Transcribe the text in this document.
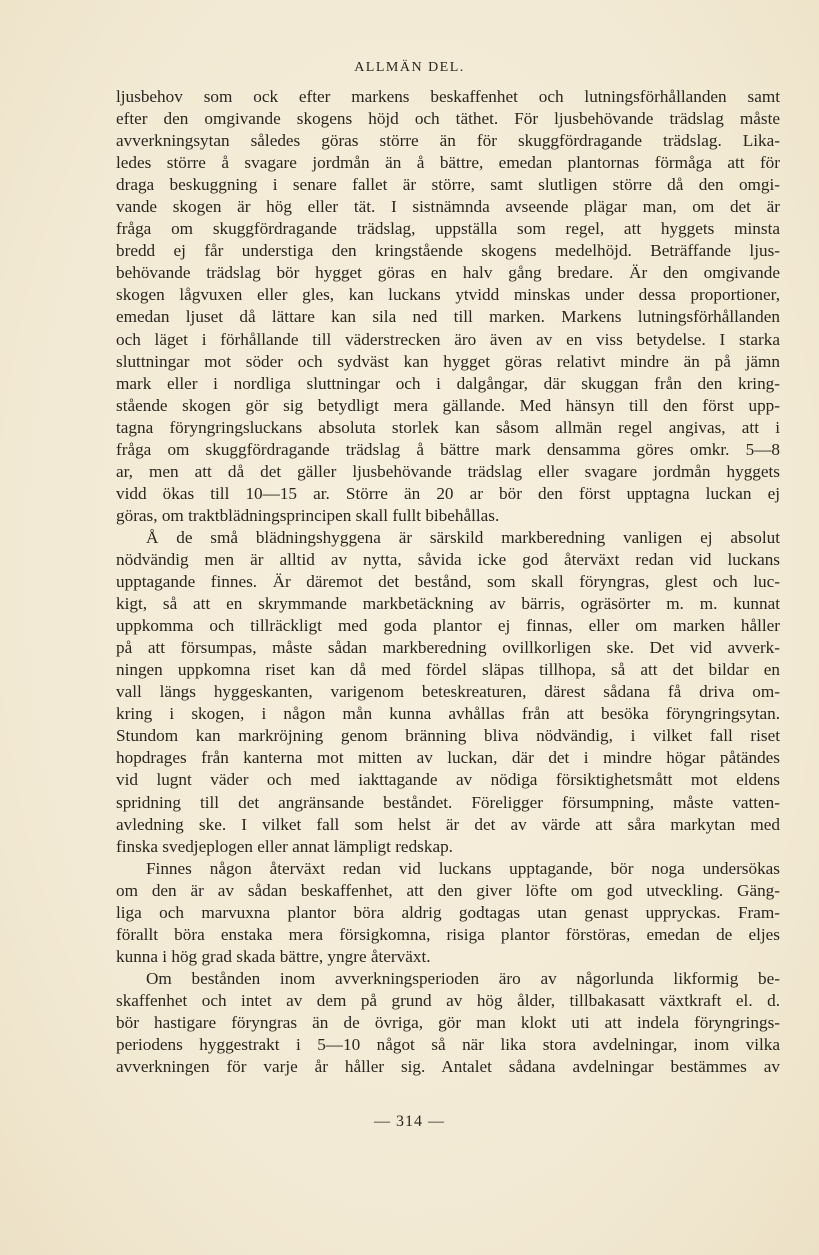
ALLMÄN DEL.
ljusbehov som ock efter markens beskaffenhet och lutningsförhållanden samt
efter den omgivande skogens höjd och täthet. För ljusbehövande trädslag måste
avverkningsytan således göras större än för skuggfördragande trädslag. Lika-
ledes större å svagare jordmån än å bättre, emedan plantornas förmåga att för
draga beskuggning i senare fallet är större, samt slutligen större då den omgi-
vande skogen är hög eller tät. I sistnämnda avseende plägar man, om det är
fråga om skuggfördragande trädslag, uppställa som regel, att hyggets minsta
bredd ej får understiga den kringstående skogens medelhöjd. Beträffande ljus-
behövande trädslag bör hygget göras en halv gång bredare. Är den omgivande
skogen lågvuxen eller gles, kan luckans ytvidd minskas under dessa proportioner,
emedan ljuset då lättare kan sila ned till marken. Markens lutningsförhållanden
och läget i förhållande till väderstrecken äro även av en viss betydelse. I starka
sluttningar mot söder och sydväst kan hygget göras relativt mindre än på jämn
mark eller i nordliga sluttningar och i dalgångar, där skuggan från den kring-
stående skogen gör sig betydligt mera gällande. Med hänsyn till den först upp-
tagna föryngringsluckans absoluta storlek kan såsom allmän regel angivas, att i
fråga om skuggfördragande trädslag å bättre mark densamma göres omkr. 5—8
ar, men att då det gäller ljusbehövande trädslag eller svagare jordmån hyggets
vidd ökas till 10—15 ar. Större än 20 ar bör den först upptagna luckan ej
göras, om traktblädningsprincipen skall fullt bibehållas.
Å de små blädningshyggena är särskild markberedning vanligen ej absolut
nödvändig men är alltid av nytta, såvida icke god återväxt redan vid luckans
upptagande finnes. Är däremot det bestånd, som skall föryngras, glest och luc-
kigt, så att en skrymmande markbetäckning av bärris, ogräsörter m. m. kunnat
uppkomma och tillräckligt med goda plantor ej finnas, eller om marken håller
på att försumpas, måste sådan markberedning ovillkorligen ske. Det vid avverk-
ningen uppkomna riset kan då med fördel släpas tillhopa, så att det bildar en
vall längs hyggeskanten, varigenom beteskreaturen, därest sådana få driva om-
kring i skogen, i någon mån kunna avhållas från att besöka föryngringsytan.
Stundom kan markröjning genom bränning bliva nödvändig, i vilket fall riset
hopdrages från kanterna mot mitten av luckan, där det i mindre högar påtändes
vid lugnt väder och med iakttagande av nödiga försiktighetsmått mot eldens
spridning till det angränsande beståndet. Föreligger försumpning, måste vatten-
avledning ske. I vilket fall som helst är det av värde att såra markytan med
finska svedjeplogen eller annat lämpligt redskap.
Finnes någon återväxt redan vid luckans upptagande, bör noga undersökas
om den är av sådan beskaffenhet, att den giver löfte om god utveckling. Gäng-
liga och marvuxna plantor böra aldrig godtagas utan genast uppryckas. Fram-
förallt böra enstaka mera försigkomna, risiga plantor förstöras, emedan de eljes
kunna i hög grad skada bättre, yngre återväxt.
Om bestånden inom avverkningsperioden äro av någorlunda likformig be-
skaffenhet och intet av dem på grund av hög ålder, tillbakasatt växtkraft el. d.
bör hastigare föryngras än de övriga, gör man klokt uti att indela föryngrings-
periodens hyggestrakt i 5—10 något så när lika stora avdelningar, inom vilka
avverkningen för varje år håller sig. Antalet sådana avdelningar bestämmes av
— 314 —
